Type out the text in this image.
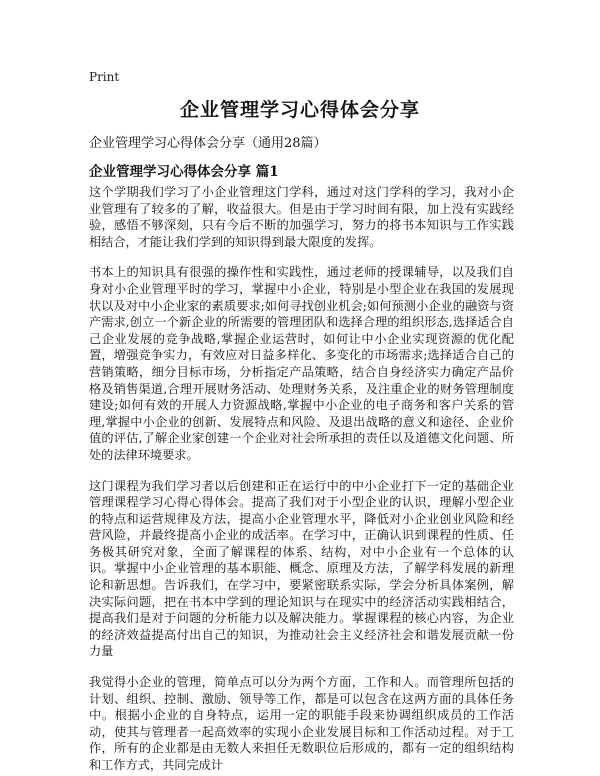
Print
企业管理学习心得体会分享
企业管理学习心得体会分享（通用28篇）
企业管理学习心得体会分享 篇1

这个学期我们学习了小企业管理这门学科，通过对这门学科的学习，我对小企业管理有了较多的了解，收益很大。但是由于学习时间有限，加上没有实践经验，感悟不够深刻，只有今后不断的加强学习，努力的将书本知识与工作实践相结合，才能让我们学到的知识得到最大限度的发挥。

书本上的知识具有很强的操作性和实践性，通过老师的授课辅导，以及我们自身对小企业管理平时的学习，掌握中小企业，特别是小型企业在我国的发展现状以及对中小企业家的素质要求;如何寻找创业机会;如何预测小企业的融资与资产需求,创立一个新企业的所需要的管理团队和选择合理的组织形态,选择适合自己企业发展的竞争战略,掌握企业运营时，如何让中小企业实现资源的优化配置，增强竞争实力，有效应对日益多样化、多变化的市场需求;选择适合自己的营销策略，细分目标市场，分析指定产品策略，结合自身经济实力确定产品价格及销售渠道,合理开展财务活动、处理财务关系，及注重企业的财务管理制度建设;如何有效的开展人力资源战略,掌握中小企业的电子商务和客户关系的管理,掌握中小企业的创新、发展特点和风险、及退出战略的意义和途径、企业价值的评估,了解企业家创建一个企业对社会所承担的责任以及道德文化问题、所处的法律环境要求。

这门课程为我们学习者以后创建和正在运行中的中小企业打下一定的基础企业管理课程学习心得心得体会。提高了我们对于小型企业的认识，理解小型企业的特点和运营规律及方法，提高小企业管理水平，降低对小企业创业风险和经营风险，并最终提高小企业的成活率。在学习中，正确认识到课程的性质、任务极其研究对象，全面了解课程的体系、结构，对中小企业有一个总体的认识。掌握中小企业管理的基本职能、概念、原理及方法，了解学科发展的新理论和新思想。告诉我们，在学习中，要紧密联系实际，学会分析具体案例，解决实际问题，把在书本中学到的理论知识与在现实中的经济活动实践相结合，提高我们是对于问题的分析能力以及解决能力。掌握课程的核心内容，为企业的经济效益提高付出自己的知识，为推动社会主义经济社会和谐发展贡献一份力量

我觉得小企业的管理，简单点可以分为两个方面，工作和人。而管理所包括的计划、组织、控制、激励、领导等工作，都是可以包含在这两方面的具体任务中。根据小企业的自身特点，运用一定的职能手段来协调组织成员的工作活动，使其与管理者一起高效率的实现小企业发展目标和工作活动过程。对于工作，所有的企业都是由无数人来担任无数职位后形成的，都有一定的组织结构和工作方式，共同完成计
